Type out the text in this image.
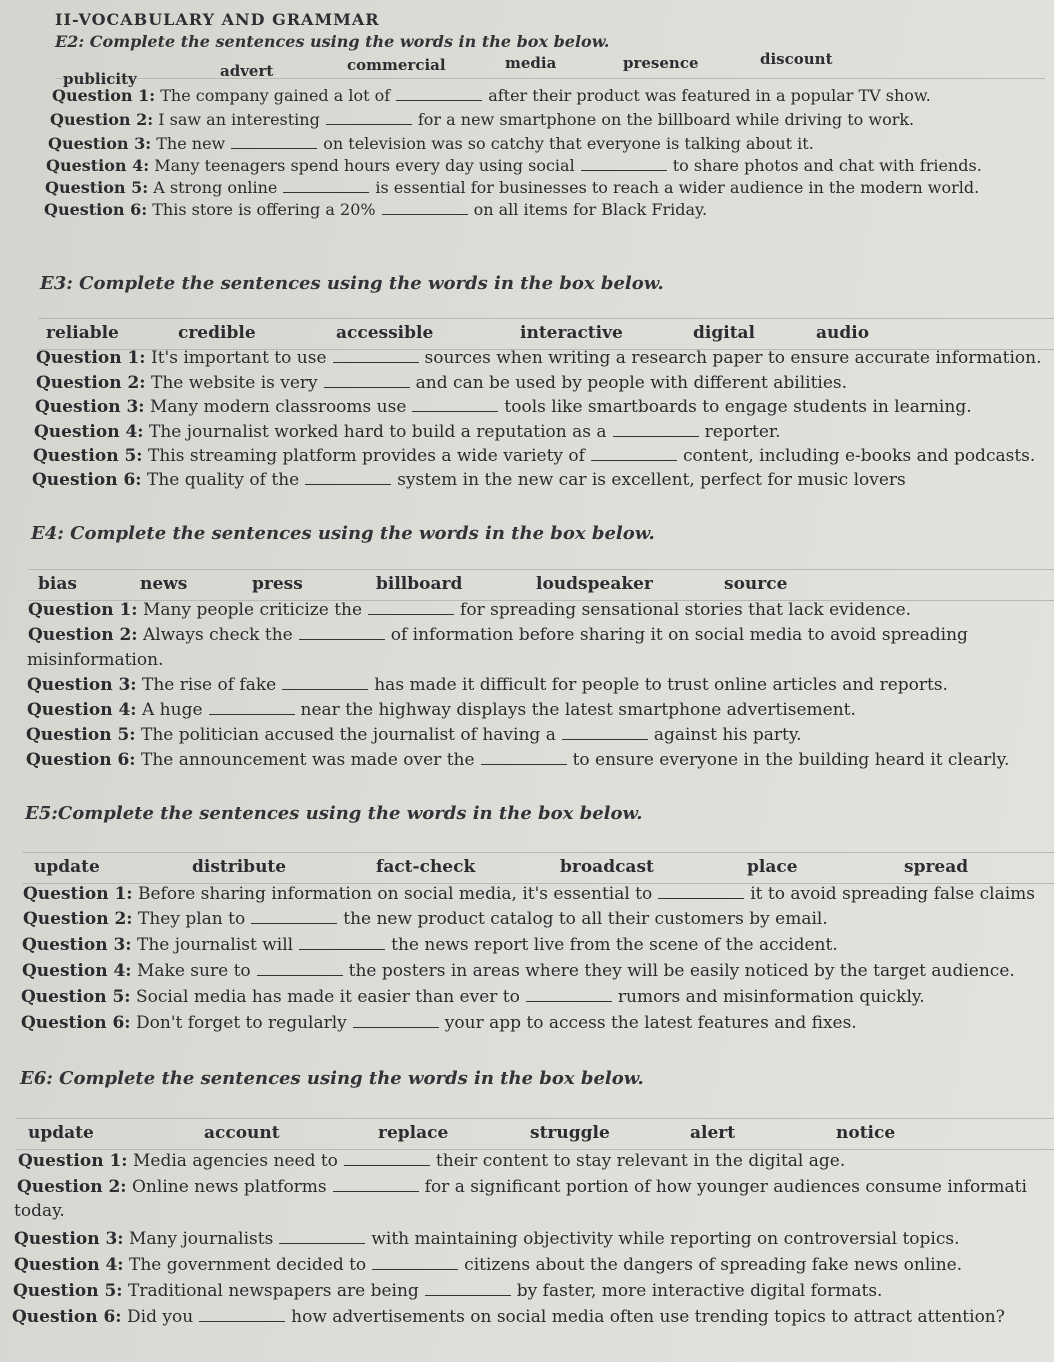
II-VOCABULARY AND GRAMMAR
E2: Complete the sentences using the words in the box below.
publicity	advert	commercial	media	presence	discount
Question 1: The company gained a lot of	after their product was featured in a popular TV show.
Question 2: I saw an interesting	for a new smartphone on the billboard while driving to work.
Question 3: The new	on television was so catchy that everyone is talking about it.
Question 4: Many teenagers spend hours every day using social	to share photos and chat with friends.
Question 5: A strong online	is essential for businesses to reach a wider audience in the modern world.
Question 6: This store is offering a 20%	on all items for Black Friday.
E3: Complete the sentences using the words in the box below.
reliable	credible	accessible	interactive	digital	audio
Question 1: It's important to use	sources when writing a research paper to ensure accurate information.
Question 2: The website is very	and can be used by people with different abilities.
Question 3: Many modern classrooms use	tools like smartboards to engage students in learning.
Question 4: The journalist worked hard to build a reputation as a	reporter.
Question 5: This streaming platform provides a wide variety of	content, including e-books and podcasts.
Question 6: The quality of the	system in the new car is excellent, perfect for music lovers
E4: Complete the sentences using the words in the box below.
bias	news	press	billboard	loudspeaker	source
Question 1: Many people criticize the	for spreading sensational stories that lack evidence.
Question 2: Always check the	of information before sharing it on social media to avoid spreading
misinformation.
Question 3: The rise of fake	has made it difficult for people to trust online articles and reports.
Question 4: A huge	near the highway displays the latest smartphone advertisement.
Question 5: The politician accused the journalist of having a	against his party.
Question 6: The announcement was made over the	to ensure everyone in the building heard it clearly.
E5:Complete the sentences using the words in the box below.
update	distribute	fact-check	broadcast	place	spread
Question 1: Before sharing information on social media, it's essential to	it to avoid spreading false claims
Question 2: They plan to	the new product catalog to all their customers by email.
Question 3: The journalist will	the news report live from the scene of the accident.
Question 4: Make sure to	the posters in areas where they will be easily noticed by the target audience.
Question 5: Social media has made it easier than ever to	rumors and misinformation quickly.
Question 6: Don't forget to regularly	your app to access the latest features and fixes.
E6: Complete the sentences using the words in the box below.
update	account	replace	struggle	alert	notice
Question 1: Media agencies need to	their content to stay relevant in the digital age.
Question 2: Online news platforms	for a significant portion of how younger audiences consume informati
today.
Question 3: Many journalists	with maintaining objectivity while reporting on controversial topics.
Question 4: The government decided to	citizens about the dangers of spreading fake news online.
Question 5: Traditional newspapers are being	by faster, more interactive digital formats.
Question 6: Did you	how advertisements on social media often use trending topics to attract attention?
